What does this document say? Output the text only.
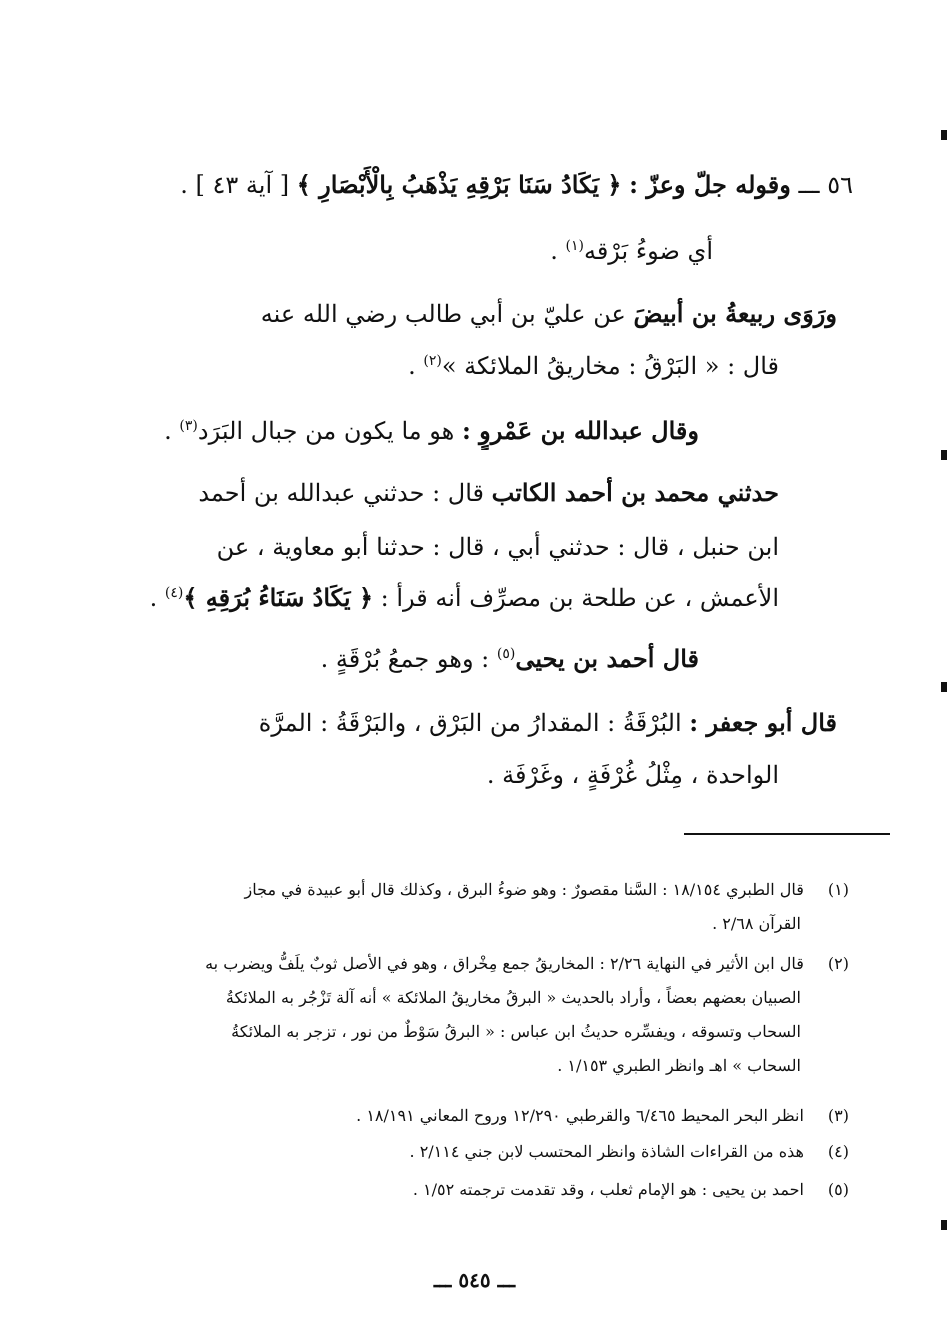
٥٦ ـــ وقوله جلّ وعزّ : ﴿ يَكَادُ سَنَا بَرْقِهِ يَذْهَبُ بِالْأَبْصَارِ ﴾ [ آية ٤٣ ] .
أي ضوءُ بَرْقه$^{(١)}$ .
ورَوَى ربيعةُ بن أبيضَ عن عليّ بن أبي طالب رضي الله عنه
قال : « البَرْقُ : مخاريقُ الملائكة »$^{(٢)}$ .
وقال عبدالله بن عَمْروٍ : هو ما يكون من جبال البَرَد$^{(٣)}$ .
حدثني محمد بن أحمد الكاتب قال : حدثني عبدالله بن أحمد
ابن حنبل ، قال : حدثني أبي ، قال : حدثنا أبو معاوية ، عن
الأعمش ، عن طلحة بن مصرِّف أنه قرأ : ﴿ يَكَادُ سَنَاءُ بُرَقِهِ ﴾$^{(٤)}$ .
قال أحمد بن يحيى$^{(٥)}$ : وهو جمعُ بُرْقَةٍ .
قال أبو جعفر : البُرْقَةُ : المقدارُ من البَرْق ، والبَرْقَةُ : المرَّة
الواحدة ، مِثْلُ غُرْفَةٍ ، وغَرْفَة .
(١) قال الطبري ١٨/١٥٤ : السَّنا مقصورٌ : وهو ضوءُ البرق ، وكذلك قال أبو عبيدة في مجاز
القرآن ٢/٦٨ .
(٢) قال ابن الأثير في النهاية ٢/٢٦ : المخاريقُ جمع مِخْراق ، وهو في الأصل ثوبٌ يلَفُّ ويضرب به
الصبيان بعضهم بعضاً ، وأراد بالحديث « البرقُ مخاريقُ الملائكة » أنه آلة تَزْجُر به الملائكةُ
السحاب وتسوقه ، ويفسِّره حديثُ ابن عباس : « البرقُ سَوْطٌ من نور ، تزجر به الملائكةُ
السحاب » اهـ وانظر الطبري ١/١٥٣ .
(٣) انظر البحر المحيط ٦/٤٦٥ والقرطبي ١٢/٢٩٠ وروح المعاني ١٨/١٩١ .
(٤) هذه من القراءات الشاذة وانظر المحتسب لابن جني ٢/١١٤ .
(٥) احمد بن يحيى : هو الإمام ثعلب ، وقد تقدمت ترجمته ١/٥٢ .
ـــ ٥٤٥ ـــ
